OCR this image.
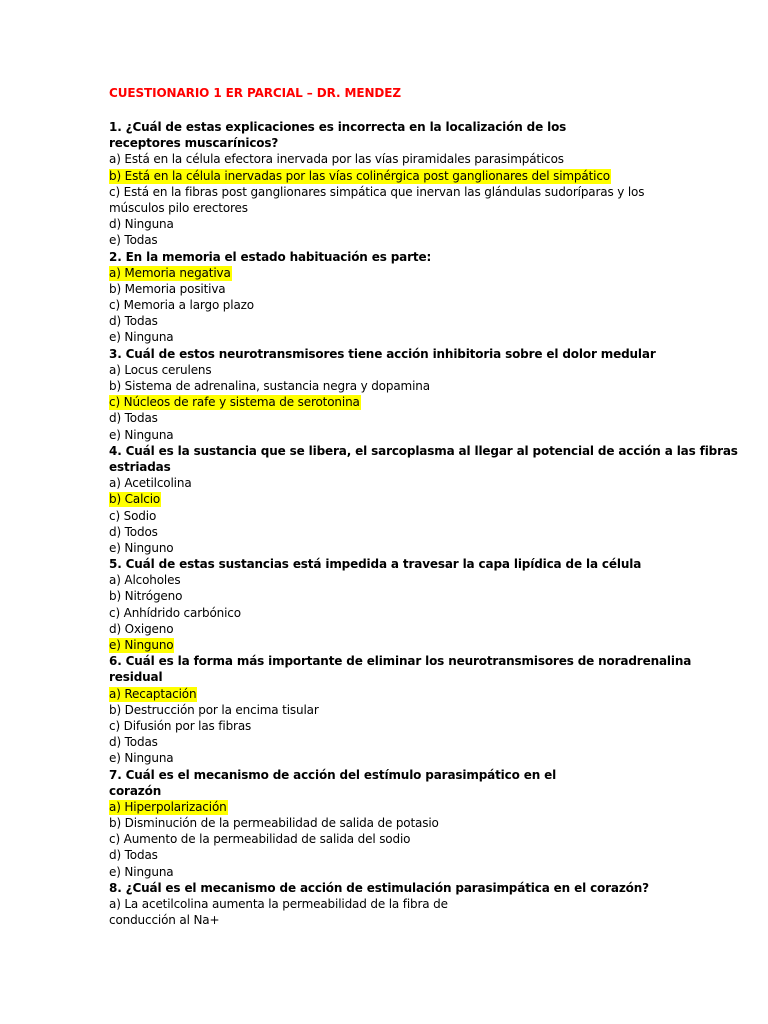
CUESTIONARIO 1 ER PARCIAL – DR. MENDEZ
1. ¿Cuál de estas explicaciones es incorrecta en la localización de los
receptores muscarínicos?
a) Está en la célula efectora inervada por las vías piramidales parasimpáticos
b) Está en la célula inervadas por las vías colinérgica post ganglionares del simpático
c) Está en la fibras post ganglionares simpática que inervan las glándulas sudoríparas y los
músculos pilo erectores
d) Ninguna
e) Todas
2. En la memoria el estado habituación es parte:
a) Memoria negativa
b) Memoria positiva
c) Memoria a largo plazo
d) Todas
e) Ninguna
3. Cuál de estos neurotransmisores tiene acción inhibitoria sobre el dolor medular
a) Locus cerulens
b) Sistema de adrenalina, sustancia negra y dopamina
c) Núcleos de rafe y sistema de serotonina
d) Todas
e) Ninguna
4. Cuál es la sustancia que se libera, el sarcoplasma al llegar al potencial de acción a las fibras
estriadas
a) Acetilcolina
b) Calcio
c) Sodio
d) Todos
e) Ninguno
5. Cuál de estas sustancias está impedida a travesar la capa lipídica de la célula
a) Alcoholes
b) Nitrógeno
c) Anhídrido carbónico
d) Oxigeno
e) Ninguno
6. Cuál es la forma más importante de eliminar los neurotransmisores de noradrenalina
residual
a) Recaptación
b) Destrucción por la encima tisular
c) Difusión por las fibras
d) Todas
e) Ninguna
7. Cuál es el mecanismo de acción del estímulo parasimpático en el
corazón
a) Hiperpolarización
b) Disminución de la permeabilidad de salida de potasio
c) Aumento de la permeabilidad de salida del sodio
d) Todas
e) Ninguna
8. ¿Cuál es el mecanismo de acción de estimulación parasimpática en el corazón?
a) La acetilcolina aumenta la permeabilidad de la fibra de
conducción al Na+
